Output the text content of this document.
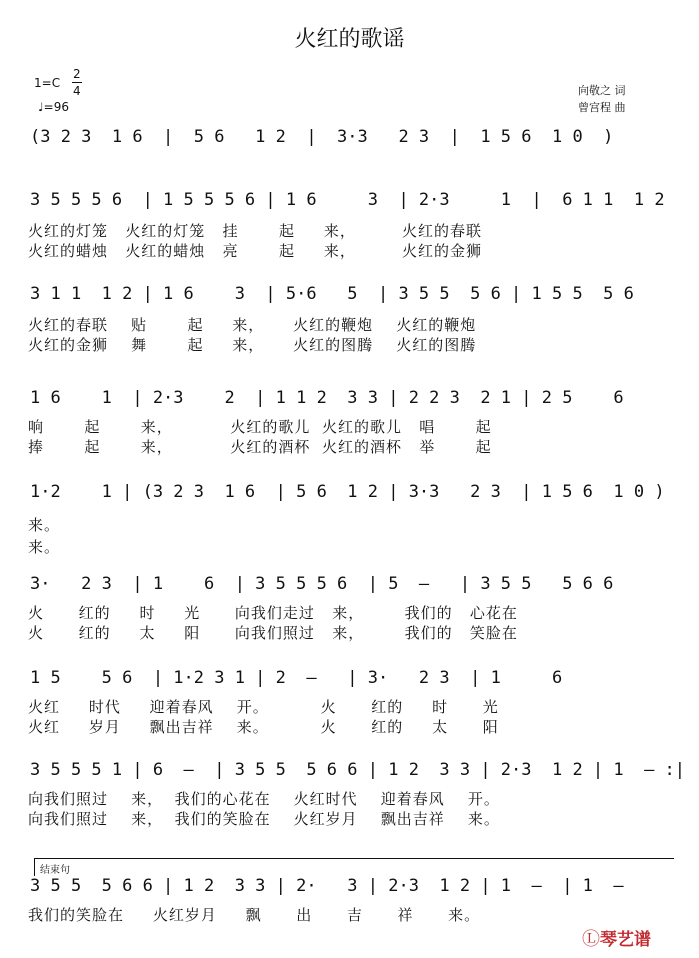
火红的歌谣
1=C
2
4
♩=96
向敬之 词
曾宫程 曲
(3 2 3  1 6  |  5 6   1 2  |  3·3   2 3  |  1 5 6  1 0  )
3 5 5 5 6  | 1 5 5 5 6 | 1 6     3  | 2·3     1  |  6 1 1  1 2
火红的灯笼   火红的灯笼   挂       起     来，        火红的春联
火红的蜡烛   火红的蜡烛   亮       起     来，        火红的金狮
3 1 1  1 2 | 1 6    3  | 5·6   5  | 3 5 5  5 6 | 1 5 5  5 6
火红的春联    贴       起     来，     火红的鞭炮    火红的鞭炮
火红的金狮    舞       起     来，     火红的图腾    火红的图腾
1 6    1  | 2·3    2  | 1 1 2  3 3 | 2 2 3  2 1 | 2 5    6
响       起       来，          火红的歌儿  火红的歌儿   唱       起
捧       起       来，          火红的酒杯  火红的酒杯   举       起
1·2    1 | (3 2 3  1 6  | 5 6  1 2 | 3·3   2 3  | 1 5 6  1 0 )
来。
来。
3·   2 3  | 1    6  | 3 5 5 5 6  | 5  –   | 3 5 5   5 6 6
火      红的     时     光      向我们走过   来，       我们的   心花在
火      红的     太     阳      向我们照过   来，       我们的   笑脸在
1 5    5 6  | 1·2 3 1 | 2  –   | 3·   2 3  | 1     6
火红     时代     迎着春风    开。         火      红的     时      光
火红     岁月     飘出吉祥    来。         火      红的     太      阳
3 5 5 5 1 | 6  –  | 3 5 5  5 6 6 | 1 2  3 3 | 2·3  1 2 | 1  – :|
向我们照过    来，  我们的心花在    火红时代    迎着春风    开。
向我们照过    来，  我们的笑脸在    火红岁月    飘出吉祥    来。
结束句
3 5 5  5 6 6 | 1 2  3 3 | 2·   3 | 2·3  1 2 | 1  –  | 1  –
我们的笑脸在     火红岁月     飘      出      吉      祥      来。
Ⓛ 琴艺谱
